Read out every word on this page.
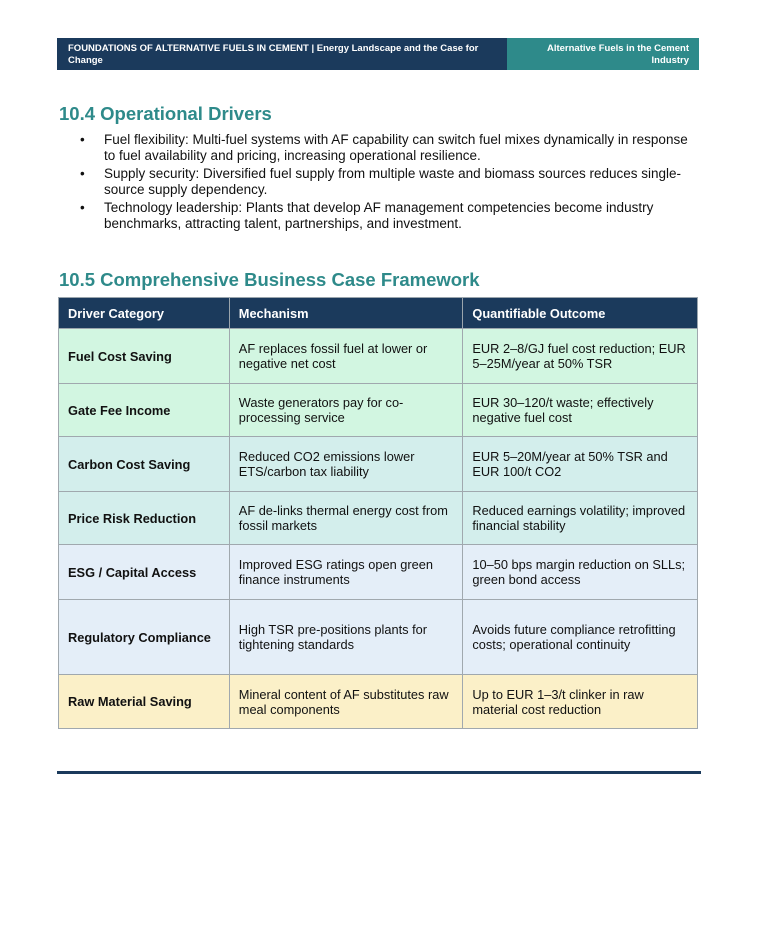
FOUNDATIONS OF ALTERNATIVE FUELS IN CEMENT | Energy Landscape and the Case for Change
Alternative Fuels in the Cement Industry
10.4 Operational Drivers
• Fuel flexibility: Multi-fuel systems with AF capability can switch fuel mixes dynamically in response to fuel availability and pricing, increasing operational resilience.
• Supply security: Diversified fuel supply from multiple waste and biomass sources reduces single-source supply dependency.
• Technology leadership: Plants that develop AF management competencies become industry benchmarks, attracting talent, partnerships, and investment.
10.5 Comprehensive Business Case Framework
Driver Category	Mechanism	Quantifiable Outcome
Fuel Cost Saving	AF replaces fossil fuel at lower or negative net cost	EUR 2–8/GJ fuel cost reduction; EUR 5–25M/year at 50% TSR
Gate Fee Income	Waste generators pay for co-processing service	EUR 30–120/t waste; effectively negative fuel cost
Carbon Cost Saving	Reduced CO2 emissions lower ETS/carbon tax liability	EUR 5–20M/year at 50% TSR and EUR 100/t CO2
Price Risk Reduction	AF de-links thermal energy cost from fossil markets	Reduced earnings volatility; improved financial stability
ESG / Capital Access	Improved ESG ratings open green finance instruments	10–50 bps margin reduction on SLLs; green bond access
Regulatory Compliance	High TSR pre-positions plants for tightening standards	Avoids future compliance retrofitting costs; operational continuity
Raw Material Saving	Mineral content of AF substitutes raw meal components	Up to EUR 1–3/t clinker in raw material cost reduction
